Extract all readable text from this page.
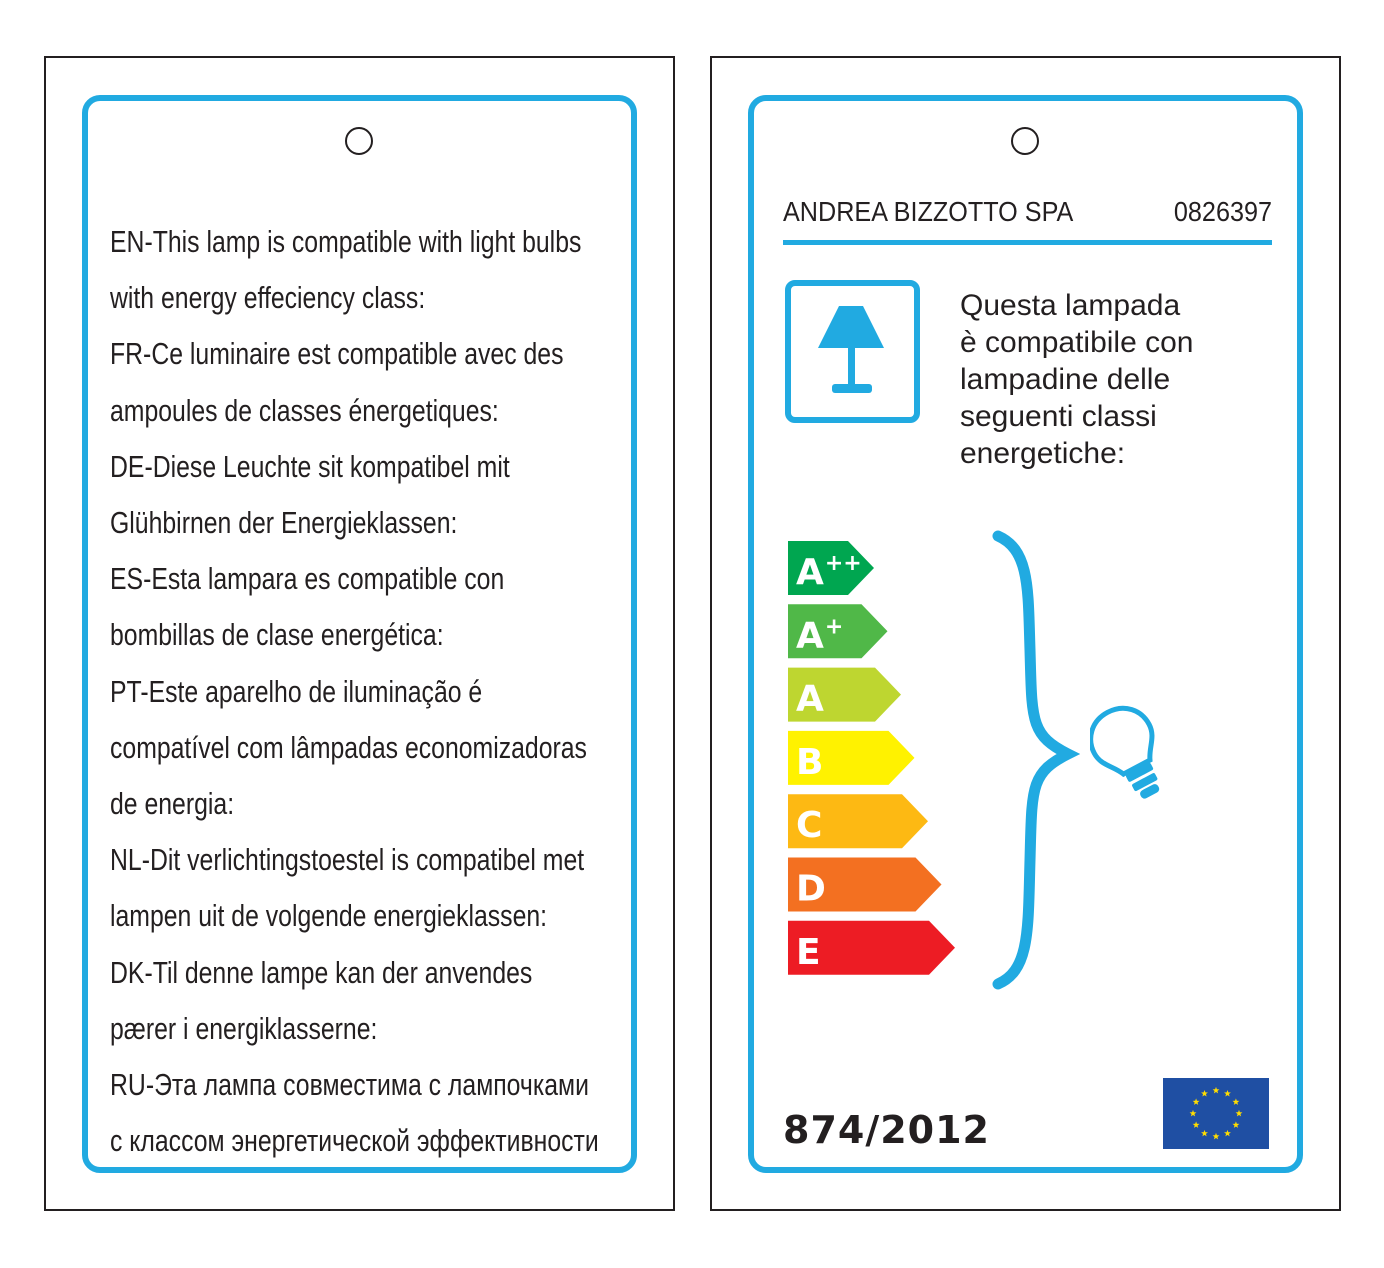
EN-This lamp is compatible with light bulbs
with energy effeciency class:
FR-Ce luminaire est compatible avec des
ampoules de classes énergetiques:
DE-Diese Leuchte sit kompatibel mit
Glühbirnen der Energieklassen:
ES-Esta lampara es compatible con
bombillas de clase energética:
PT-Este aparelho de iluminação é
compatível com lâmpadas economizadoras
de energia:
NL-Dit verlichtingstoestel is compatibel met
lampen uit de volgende energieklassen:
DK-Til denne lampe kan der anvendes
pærer i energiklasserne:
RU-Эта лампа совместима с лампочками
с классом энергетической эффективности
ANDREA BIZZOTTO SPA	0826397
Questa lampada
è compatibile con
lampadine delle
seguenti classi
energetiche:
A++
A+
A
B
C
D
E
874/2012
